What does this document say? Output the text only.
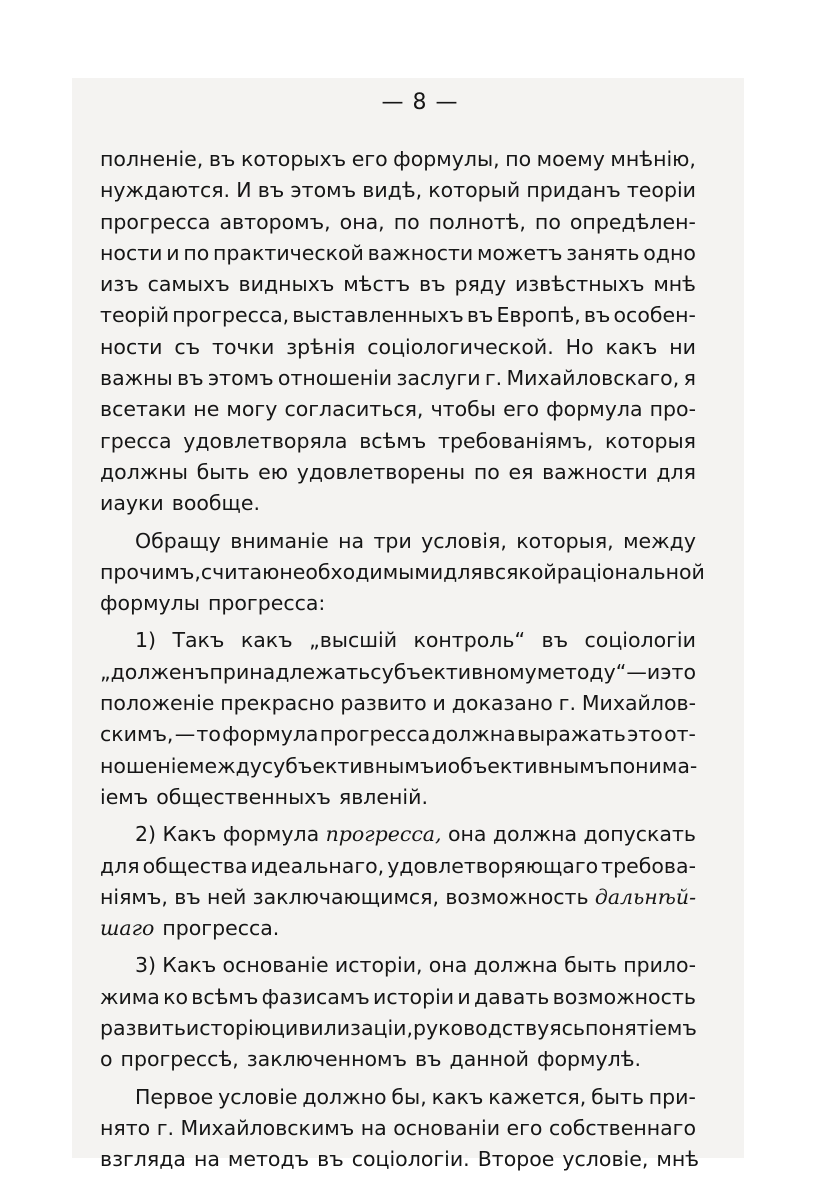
— 8 —
полненіе, въ которыхъ его формулы, по моему мнѣнію,
нуждаются. И въ этомъ видѣ, который приданъ теоріи
прогресса авторомъ, она, по полнотѣ, по опредѣлен-
ности и по практической важности можетъ занять одно
изъ самыхъ видныхъ мѣстъ въ ряду извѣстныхъ мнѣ
теорій прогресса, выставленныхъ въ Европѣ, въ особен-
ности съ точки зрѣнія соціологической. Но какъ ни
важны въ этомъ отношеніи заслуги г. Михайловскаго, я
всетаки не могу согласиться, чтобы его формула про-
гресса удовлетворяла всѣмъ требованіямъ, которыя
должны быть ею удовлетворены по ея важности для
иауки вообще.
Обращу вниманіе на три условія, которыя, между
прочимъ, считаю необходимыми для всякой раціональной
формулы прогресса:
1) Такъ какъ „высшій контроль“ въ соціологіи
„долженъ принадлежать субъективному методу“—и это
положеніе прекрасно развито и доказано г. Михайлов-
скимъ, — то формула прогресса должна выражать это от-
ношеніе между субъективнымъ и объективнымъ понима-
іемъ общественныхъ явленій.
2) Какъ формула прогресса, она должна допускать
для общества идеальнаго, удовлетворяющаго требова-
ніямъ, въ ней заключающимся, возможность дальнѣй-
шаго прогресса.
3) Какъ основаніе исторіи, она должна быть прило-
жима ко всѣмъ фазисамъ исторіи и давать возможность
развить исторію цивилизаціи, руководствуясь понятіемъ
о прогрессѣ, заключенномъ въ данной формулѣ.
Первое условіе должно бы, какъ кажется, быть при-
нято г. Михайловскимъ на основаніи его собственнаго
взгляда на методъ въ соціологіи. Второе условіе, мнѣ
